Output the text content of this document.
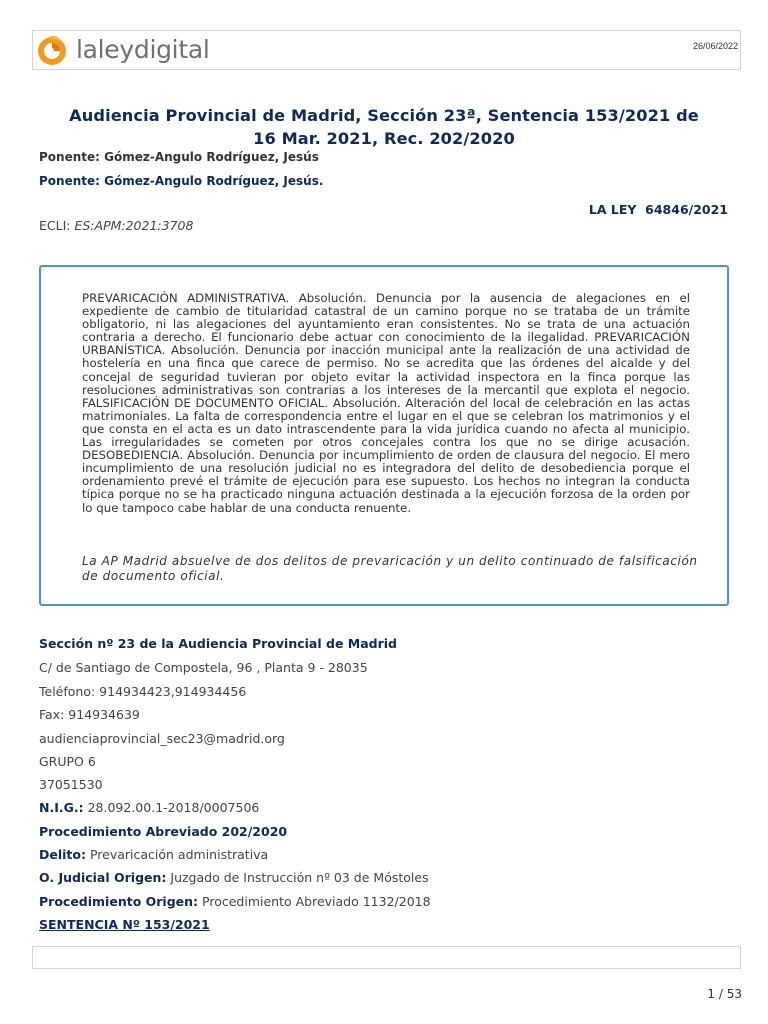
laleydigital	26/06/2022
Audiencia Provincial de Madrid, Sección 23ª, Sentencia 153/2021 de
16 Mar. 2021, Rec. 202/2020
Ponente: Gómez-Angulo Rodríguez, Jesús
Ponente: Gómez-Angulo Rodríguez, Jesús.
LA LEY  64846/2021
ECLI: ES:APM:2021:3708
PREVARICACIÓN ADMINISTRATIVA. Absolución. Denuncia por la ausencia de alegaciones en el expediente de cambio de titularidad catastral de un camino porque no se trataba de un trámite obligatorio, ni las alegaciones del ayuntamiento eran consistentes. No se trata de una actuación contraria a derecho. El funcionario debe actuar con conocimiento de la ilegalidad. PREVARICACIÓN URBANÍSTICA. Absolución. Denuncia por inacción municipal ante la realización de una actividad de hostelería en una finca que carece de permiso. No se acredita que las órdenes del alcalde y del concejal de seguridad tuvieran por objeto evitar la actividad inspectora en la finca porque las resoluciones administrativas son contrarias a los intereses de la mercantil que explota el negocio. FALSIFICACIÓN DE DOCUMENTO OFICIAL. Absolución. Alteración del local de celebración en las actas matrimoniales. La falta de correspondencia entre el lugar en el que se celebran los matrimonios y el que consta en el acta es un dato intrascendente para la vida jurídica cuando no afecta al municipio. Las irregularidades se cometen por otros concejales contra los que no se dirige acusación. DESOBEDIENCIA. Absolución. Denuncia por incumplimiento de orden de clausura del negocio. El mero incumplimiento de una resolución judicial no es integradora del delito de desobediencia porque el ordenamiento prevé el trámite de ejecución para ese supuesto. Los hechos no integran la conducta típica porque no se ha practicado ninguna actuación destinada a la ejecución forzosa de la orden por lo que tampoco cabe hablar de una conducta renuente.
La AP Madrid absuelve de dos delitos de prevaricación y un delito continuado de falsificación de documento oficial.
Sección nº 23 de la Audiencia Provincial de Madrid
C/ de Santiago de Compostela, 96 , Planta 9 - 28035
Teléfono: 914934423,914934456
Fax: 914934639
audienciaprovincial_sec23@madrid.org
GRUPO 6
37051530
N.I.G.: 28.092.00.1-2018/0007506
Procedimiento Abreviado 202/2020
Delito: Prevaricación administrativa
O. Judicial Origen: Juzgado de Instrucción nº 03 de Móstoles
Procedimiento Origen: Procedimiento Abreviado 1132/2018
SENTENCIA Nº 153/2021
1 / 53
